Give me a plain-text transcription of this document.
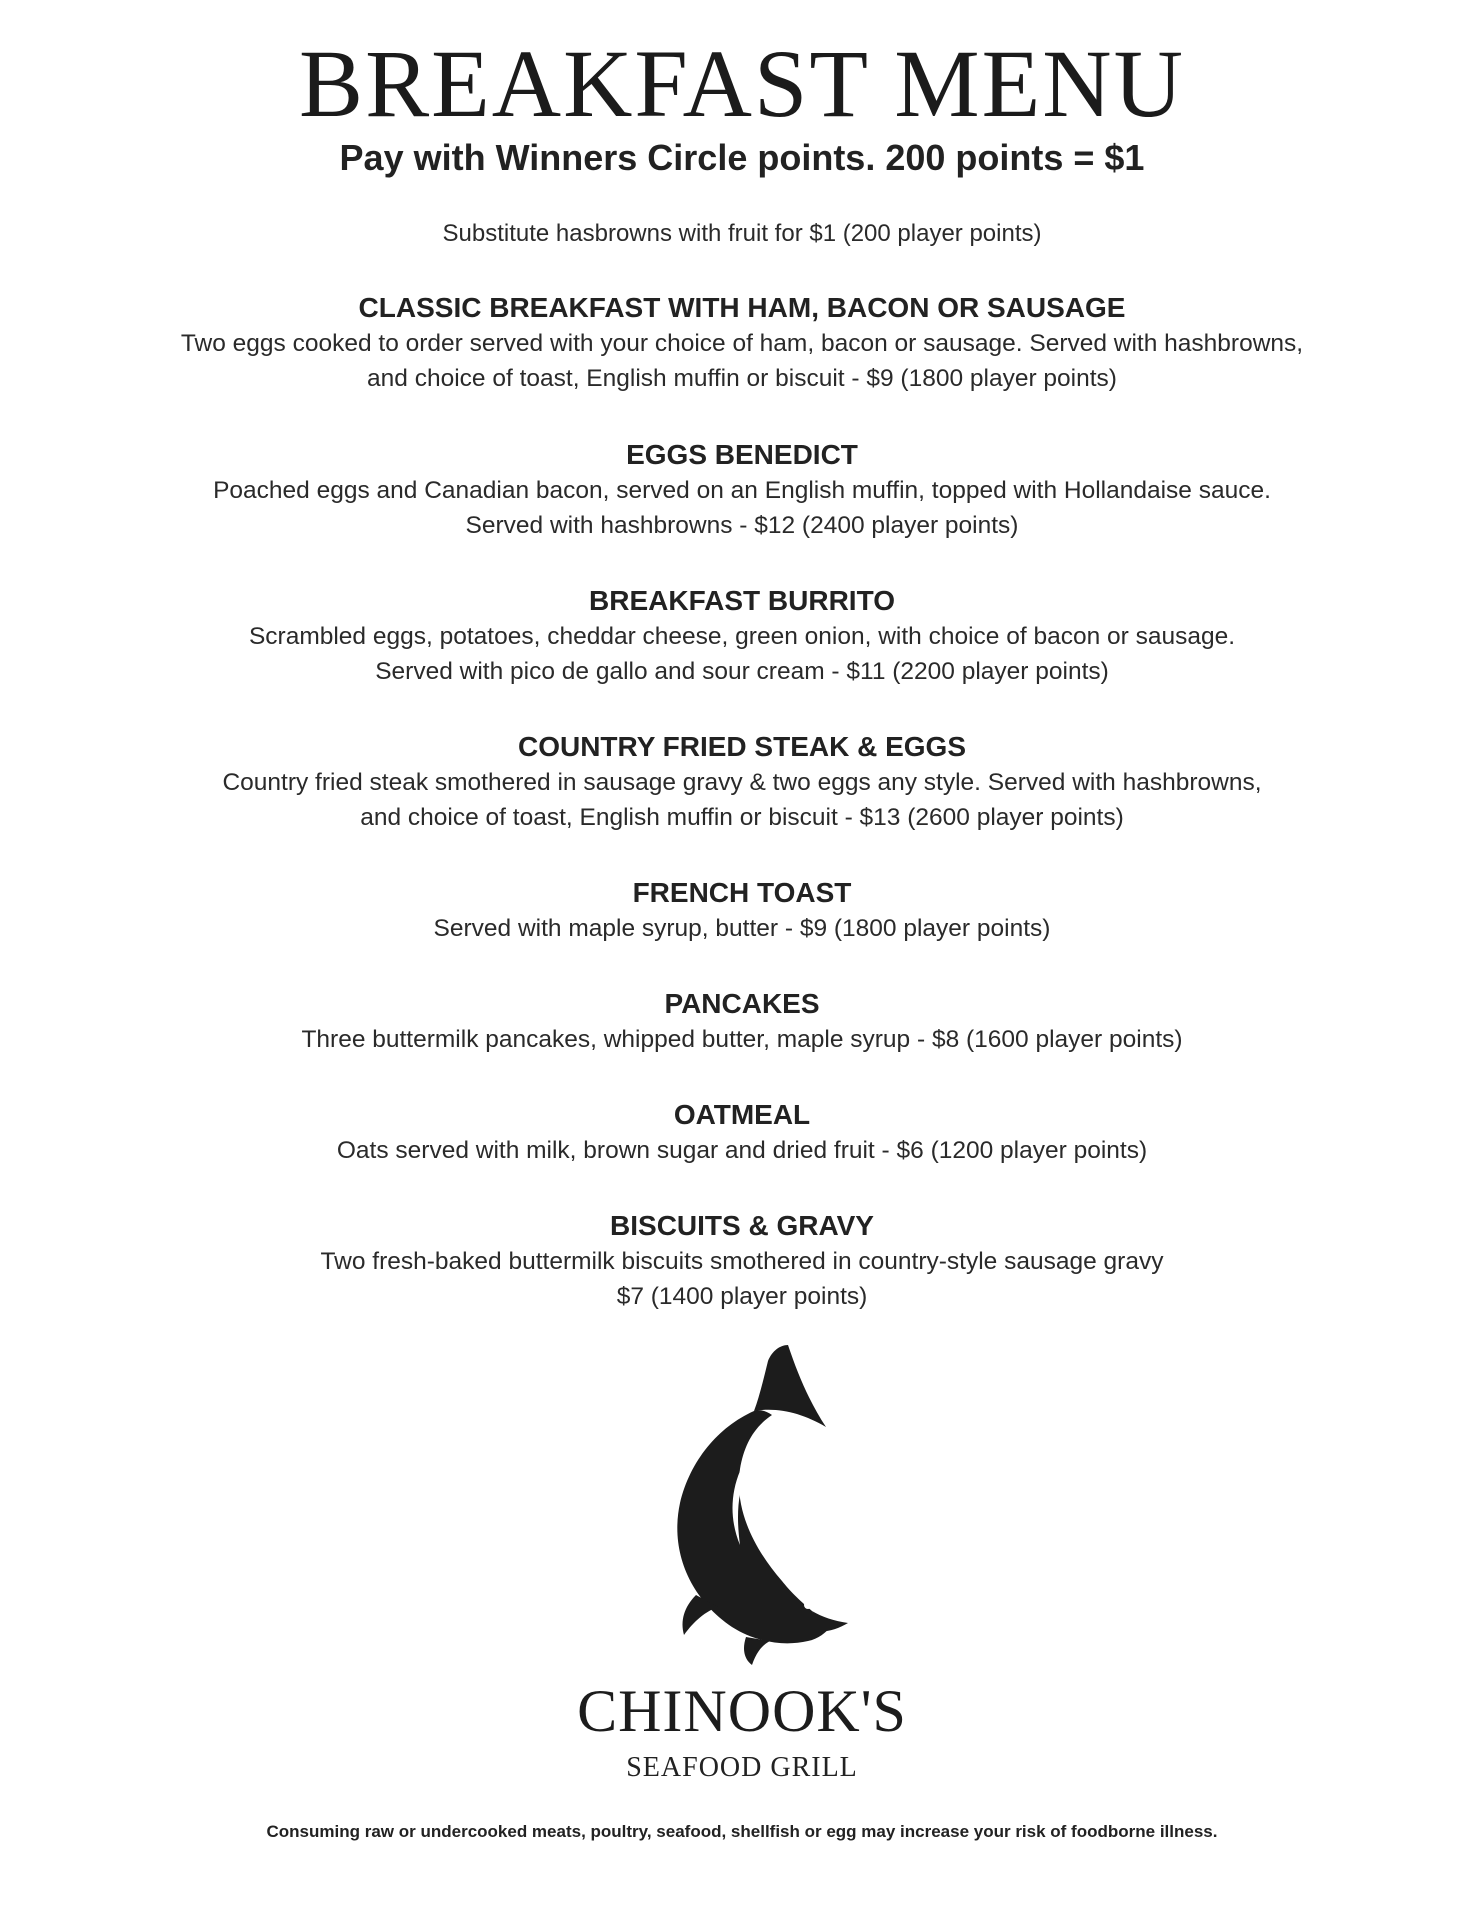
BREAKFAST MENU
Pay with Winners Circle points. 200 points = $1
Substitute hasbrowns with fruit for $1 (200 player points)
CLASSIC BREAKFAST WITH HAM, BACON OR SAUSAGE
Two eggs cooked to order served with your choice of ham, bacon or sausage. Served with hashbrowns,
and choice of toast, English muffin or biscuit - $9 (1800 player points)
EGGS BENEDICT
Poached eggs and Canadian bacon, served on an English muffin, topped with Hollandaise sauce.
Served with hashbrowns - $12 (2400 player points)
BREAKFAST BURRITO
Scrambled eggs, potatoes, cheddar cheese, green onion, with choice of bacon or sausage.
Served with pico de gallo and sour cream - $11 (2200 player points)
COUNTRY FRIED STEAK & EGGS
Country fried steak smothered in sausage gravy & two eggs any style. Served with hashbrowns,
and choice of toast, English muffin or biscuit - $13 (2600 player points)
FRENCH TOAST
Served with maple syrup, butter - $9 (1800 player points)
PANCAKES
Three buttermilk pancakes, whipped butter, maple syrup - $8 (1600 player points)
OATMEAL
Oats served with milk, brown sugar and dried fruit - $6 (1200 player points)
BISCUITS & GRAVY
Two fresh-baked buttermilk biscuits smothered in country-style sausage gravy
$7 (1400 player points)
CHINOOK'S
SEAFOOD GRILL
Consuming raw or undercooked meats, poultry, seafood, shellfish or egg may increase your risk of foodborne illness.
